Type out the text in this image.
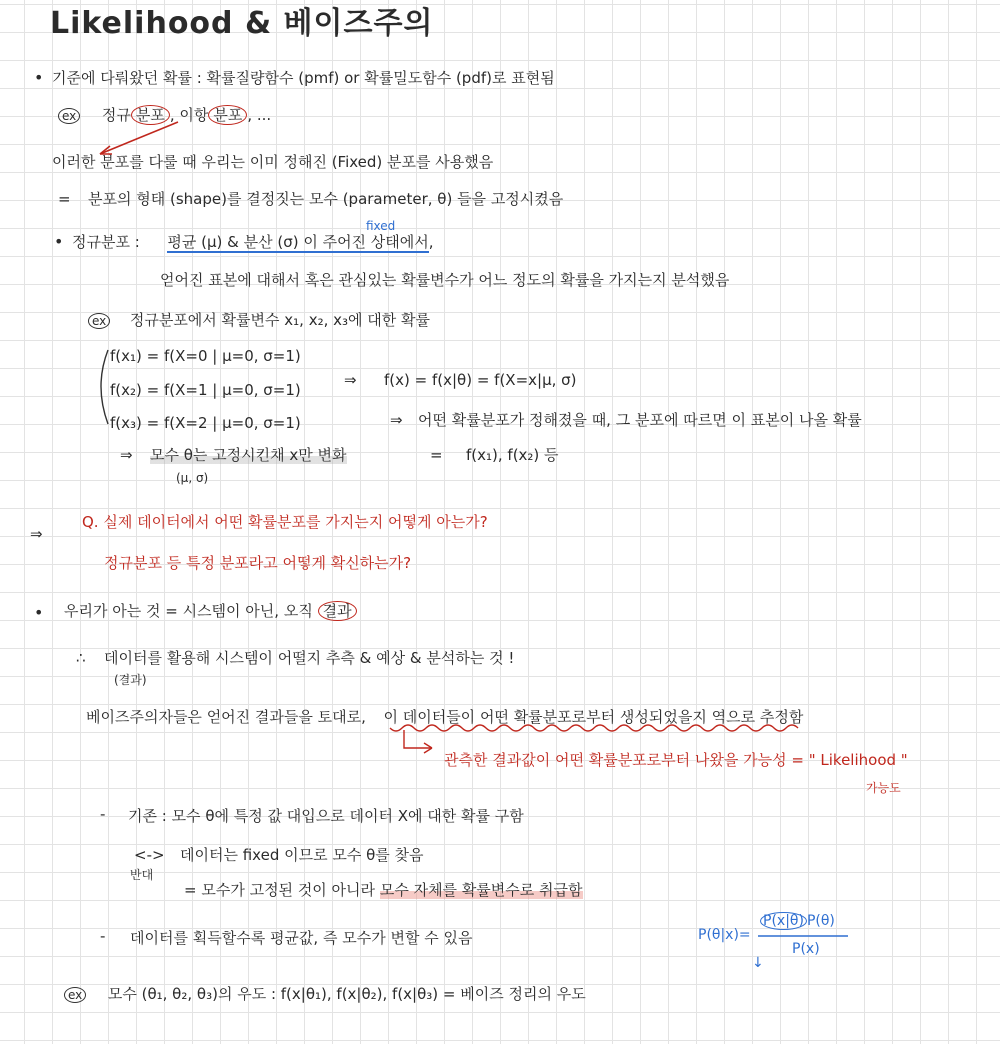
Likelihood & 베이즈주의
• 기준에 다뤄왔던 확률 : 확률질량함수 (pmf) or 확률밀도함수 (pdf)로 표현됨
ex 정규 분포 , 이항 분포 , ...
이러한 분포를 다룰 때 우리는 이미 정해진 (Fixed) 분포를 사용했음
= 분포의 형태 (shape)를 결정짓는 모수 (parameter, θ) 들을 고정시켰음
fixed
• 정규분포 : 평균 (μ) & 분산 (σ) 이 주어진 상태에서,
얻어진 표본에 대해서 혹은 관심있는 확률변수가 어느 정도의 확률을 가지는지 분석했음
ex 정규분포에서 확률변수 x₁, x₂, x₃에 대한 확률
f(x₁) = f(X=0 | μ=0, σ=1)
f(x₂) = f(X=1 | μ=0, σ=1)
f(x₃) = f(X=2 | μ=0, σ=1)
⇒ f(x) = f(x|θ) = f(X=x|μ, σ)
⇒ 어떤 확률분포가 정해졌을 때, 그 분포에 따르면 이 표본이 나올 확률
⇒ 모수 θ는 고정시킨채 x만 변화
(μ, σ)
= f(x₁), f(x₂) 등
⇒
Q. 실제 데이터에서 어떤 확률분포를 가지는지 어떻게 아는가?
정규분포 등 특정 분포라고 어떻게 확신하는가?
• 우리가 아는 것 = 시스템이 아닌, 오직 결과
∴ 데이터를 활용해 시스템이 어떨지 추측 & 예상 & 분석하는 것 !
(결과)
베이즈주의자들은 얻어진 결과들을 토대로, 이 데이터들이 어떤 확률분포로부터 생성되었을지 역으로 추정함
관측한 결과값이 어떤 확률분포로부터 나왔을 가능성 = " Likelihood "
가능도
- 기존 : 모수 θ에 특정 값 대입으로 데이터 X에 대한 확률 구함
<->
반대
데이터는 fixed 이므로 모수 θ를 찾음
= 모수가 고정된 것이 아니라 모수 자체를 확률변수로 취급함
- 데이터를 획득할수록 평균값, 즉 모수가 변할 수 있음	P(θ|x)=
P(x|θ) P(θ)
P(x)
↓
ex 모수 (θ₁, θ₂, θ₃)의 우도 : f(x|θ₁), f(x|θ₂), f(x|θ₃) = 베이즈 정리의 우도
